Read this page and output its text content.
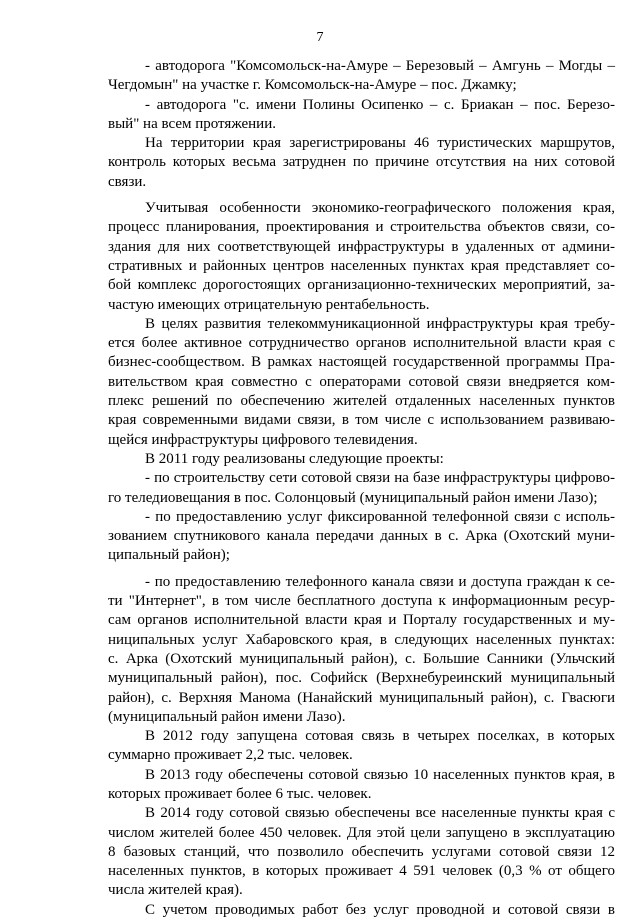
7
- автодорога "Комсомольск-на-Амуре – Березовый – Амгунь – Могды –
Чегдомын" на участке г. Комсомольск-на-Амуре – пос. Джамку;
- автодорога "с. имени Полины Осипенко – с. Бриакан – пос. Березо-
вый" на всем протяжении.
На территории края зарегистрированы 46 туристических маршрутов,
контроль которых весьма затруднен по причине отсутствия на них сотовой
связи.
Учитывая особенности экономико-географического положения края,
процесс планирования, проектирования и строительства объектов связи, со-
здания для них соответствующей инфраструктуры в удаленных от админи-
стративных и районных центров населенных пунктах края представляет со-
бой комплекс дорогостоящих организационно-технических мероприятий, за-
частую имеющих отрицательную рентабельность.
В целях развития телекоммуникационной инфраструктуры края требу-
ется более активное сотрудничество органов исполнительной власти края с
бизнес-сообществом. В рамках настоящей государственной программы Пра-
вительством края совместно с операторами сотовой связи внедряется ком-
плекс решений по обеспечению жителей отдаленных населенных пунктов
края современными видами связи, в том числе с использованием развиваю-
щейся инфраструктуры цифрового телевидения.
В 2011 году реализованы следующие проекты:
- по строительству сети сотовой связи на базе инфраструктуры цифрово-
го теледиовещания в пос. Солонцовый (муниципальный район имени Лазо);
- по предоставлению услуг фиксированной телефонной связи с исполь-
зованием спутникового канала передачи данных в с. Арка (Охотский муни-
ципальный район);
- по предоставлению телефонного канала связи и доступа граждан к се-
ти "Интернет", в том числе бесплатного доступа к информационным ресур-
сам органов исполнительной власти края и Порталу государственных и му-
ниципальных услуг Хабаровского края, в следующих населенных пунктах:
с. Арка (Охотский муниципальный район), с. Большие Санники (Ульчский
муниципальный район), пос. Софийск (Верхнебуреинский муниципальный
район), с. Верхняя Манома (Нанайский муниципальный район), с. Гвасюги
(муниципальный район имени Лазо).
В 2012 году запущена сотовая связь в четырех поселках, в которых
суммарно проживает 2,2 тыс. человек.
В 2013 году обеспечены сотовой связью 10 населенных пунктов края, в
которых проживает более 6 тыс. человек.
В 2014 году сотовой связью обеспечены все населенные пункты края с
числом жителей более 450 человек. Для этой цели запущено в эксплуатацию
8 базовых станций, что позволило обеспечить услугами сотовой связи 12
населенных пунктов, в которых проживает 4 591 человек (0,3 % от общего
числа жителей края).
С учетом проводимых работ без услуг проводной и сотовой связи в
